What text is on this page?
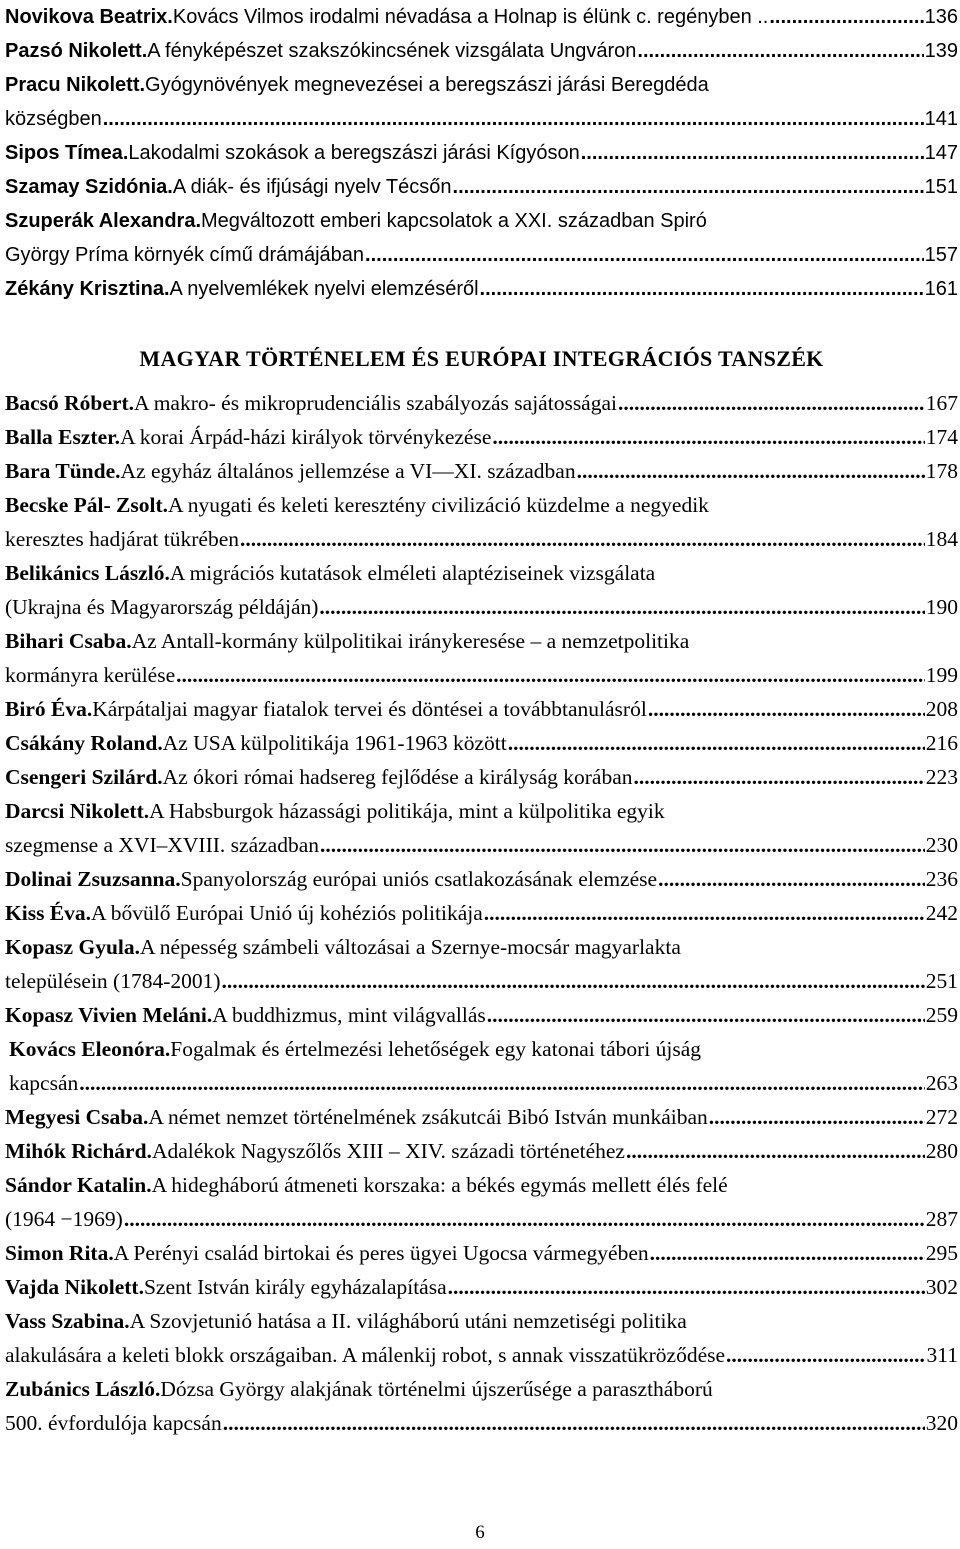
Novikova Beatrix. Kovács Vilmos irodalmi névadása a Holnap is élünk c. regényben .. .....	136
Pazsó Nikolett. A fényképészet szakszókincsének vizsgálata Ungváron .....	139
Pracu Nikolett. Gyógynövények megnevezései a beregszászi járási Beregdéda
községben .....	141
Sipos Tímea. Lakodalmi szokások a beregszászi járási Kígyóson .....	147
Szamay Szidónia. A diák- és ifjúsági nyelv Técsőn .....	151
Szuperák Alexandra. Megváltozott emberi kapcsolatok a XXI. században Spiró
György Príma környék című drámájában .....	157
Zékány Krisztina. A nyelvemlékek nyelvi elemzéséről .....	161
MAGYAR TÖRTÉNELEM ÉS EURÓPAI INTEGRÁCIÓS TANSZÉK
Bacsó Róbert. A makro- és mikroprudenciális szabályozás sajátosságai .....	167
Balla Eszter. A korai Árpád-házi királyok törvénykezése .....	174
Bara Tünde. Az egyház általános jellemzése a VI—XI. században .....	178
Becske Pál- Zsolt. A nyugati és keleti keresztény civilizáció küzdelme a negyedik
keresztes hadjárat tükrében .....	184
Belikánics László. A migrációs kutatások elméleti alaptéziseinek vizsgálata
(Ukrajna és Magyarország példáján) .....	190
Bihari Csaba. Az Antall-kormány külpolitikai iránykeresése – a nemzetpolitika
kormányra kerülése .....	199
Biró Éva. Kárpátaljai magyar fiatalok tervei és döntései a továbbtanulásról .....	208
Csákány Roland. Az USA külpolitikája 1961-1963 között .....	216
Csengeri Szilárd. Az ókori római hadsereg fejlődése a királyság korában .....	223
Darcsi Nikolett. A Habsburgok házassági politikája, mint a külpolitika egyik
szegmense a XVI–XVIII. században .....	230
Dolinai Zsuzsanna. Spanyolország európai uniós csatlakozásának elemzése .....	236
Kiss Éva. A bővülő Európai Unió új kohéziós politikája .....	242
Kopasz Gyula. A népesség számbeli változásai a Szernye-mocsár magyarlakta
településein (1784-2001) .....	251
Kopasz Vivien Meláni. A buddhizmus, mint világvallás .....	259
Kovács Eleonóra. Fogalmak és értelmezési lehetőségek egy katonai tábori újság
kapcsán .....	263
Megyesi Csaba. A német nemzet történelmének zsákutcái Bibó István munkáiban .....	272
Mihók Richárd. Adalékok Nagyszőlős XIII – XIV. századi történetéhez .....	280
Sándor Katalin. A hidegháború átmeneti korszaka: a békés egymás mellett élés felé
(1964 −1969) .....	287
Simon Rita. A Perényi család birtokai és peres ügyei Ugocsa vármegyében .....	295
Vajda Nikolett. Szent István király egyházalapítása .....	302
Vass Szabina. A Szovjetunió hatása a II. világháború utáni nemzetiségi politika
alakulására a keleti blokk országaiban. A málenkij robot, s annak visszatükröződése .....	311
Zubánics László. Dózsa György alakjának történelmi újszerűsége a parasztháború
500. évfordulója kapcsán .....	320
6
